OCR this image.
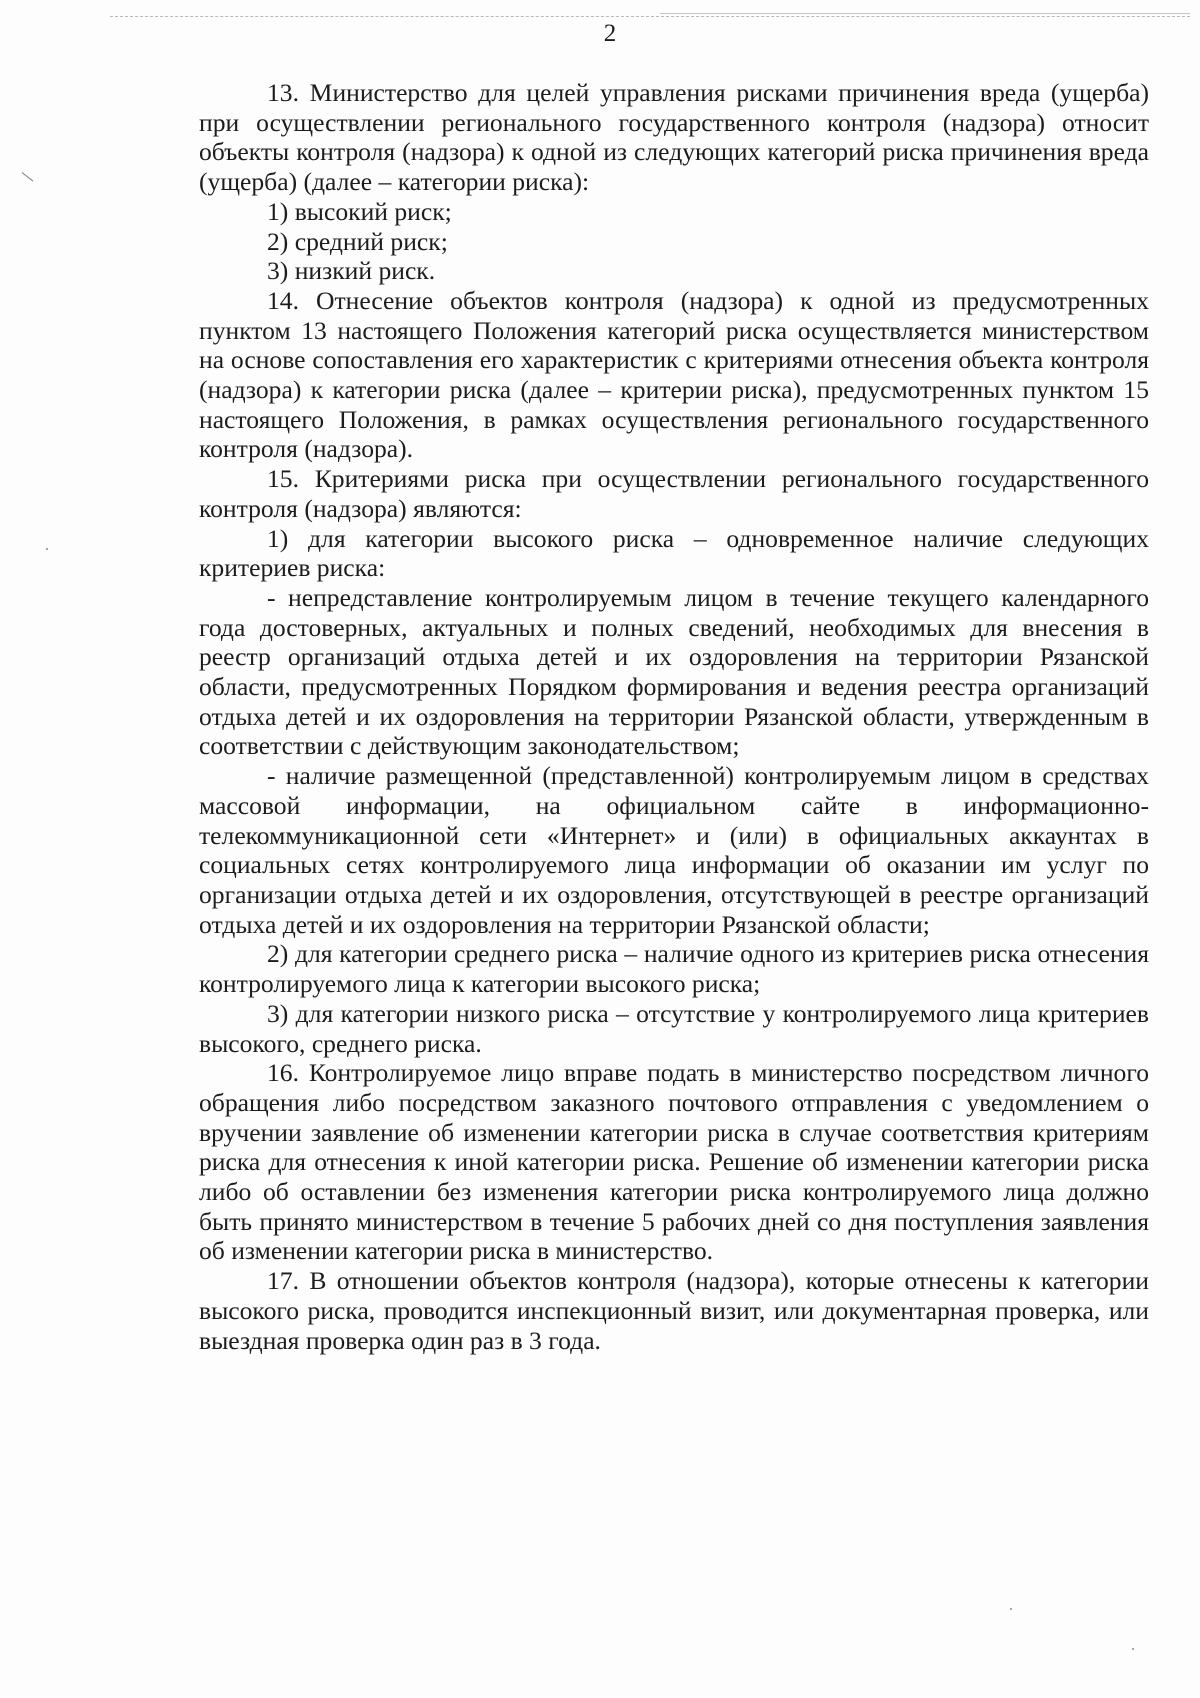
2

13. Министерство для целей управления рисками причинения вреда (ущерба) при осуществлении регионального государственного контроля (надзора) относит объекты контроля (надзора) к одной из следующих категорий риска причинения вреда (ущерба) (далее – категории риска):

1) высокий риск;

2) средний риск;

3) низкий риск.

14. Отнесение объектов контроля (надзора) к одной из предусмотренных пунктом 13 настоящего Положения категорий риска осуществляется министерством на основе сопоставления его характеристик с критериями отнесения объекта контроля (надзора) к категории риска (далее – критерии риска), предусмотренных пунктом 15 настоящего Положения, в рамках осуществления регионального государственного контроля (надзора).

15. Критериями риска при осуществлении регионального государственного контроля (надзора) являются:

1) для категории высокого риска – одновременное наличие следующих критериев риска:

- непредставление контролируемым лицом в течение текущего календарного года достоверных, актуальных и полных сведений, необходимых для внесения в реестр организаций отдыха детей и их оздоровления на территории Рязанской области, предусмотренных Порядком формирования и ведения реестра организаций отдыха детей и их оздоровления на территории Рязанской области, утвержденным в соответствии с действующим законодательством;

- наличие размещенной (представленной) контролируемым лицом в средствах массовой информации, на официальном сайте в информационно-телекоммуникационной сети «Интернет» и (или) в официальных аккаунтах в социальных сетях контролируемого лица информации об оказании им услуг по организации отдыха детей и их оздоровления, отсутствующей в реестре организаций отдыха детей и их оздоровления на территории Рязанской области;

2) для категории среднего риска – наличие одного из критериев риска отнесения контролируемого лица к категории высокого риска;

3) для категории низкого риска – отсутствие у контролируемого лица критериев высокого, среднего риска.

16. Контролируемое лицо вправе подать в министерство посредством личного обращения либо посредством заказного почтового отправления с уведомлением о вручении заявление об изменении категории риска в случае соответствия критериям риска для отнесения к иной категории риска. Решение об изменении категории риска либо об оставлении без изменения категории риска контролируемого лица должно быть принято министерством в течение 5 рабочих дней со дня поступления заявления об изменении категории риска в министерство.

17. В отношении объектов контроля (надзора), которые отнесены к категории высокого риска, проводится инспекционный визит, или документарная проверка, или выездная проверка один раз в 3 года.
